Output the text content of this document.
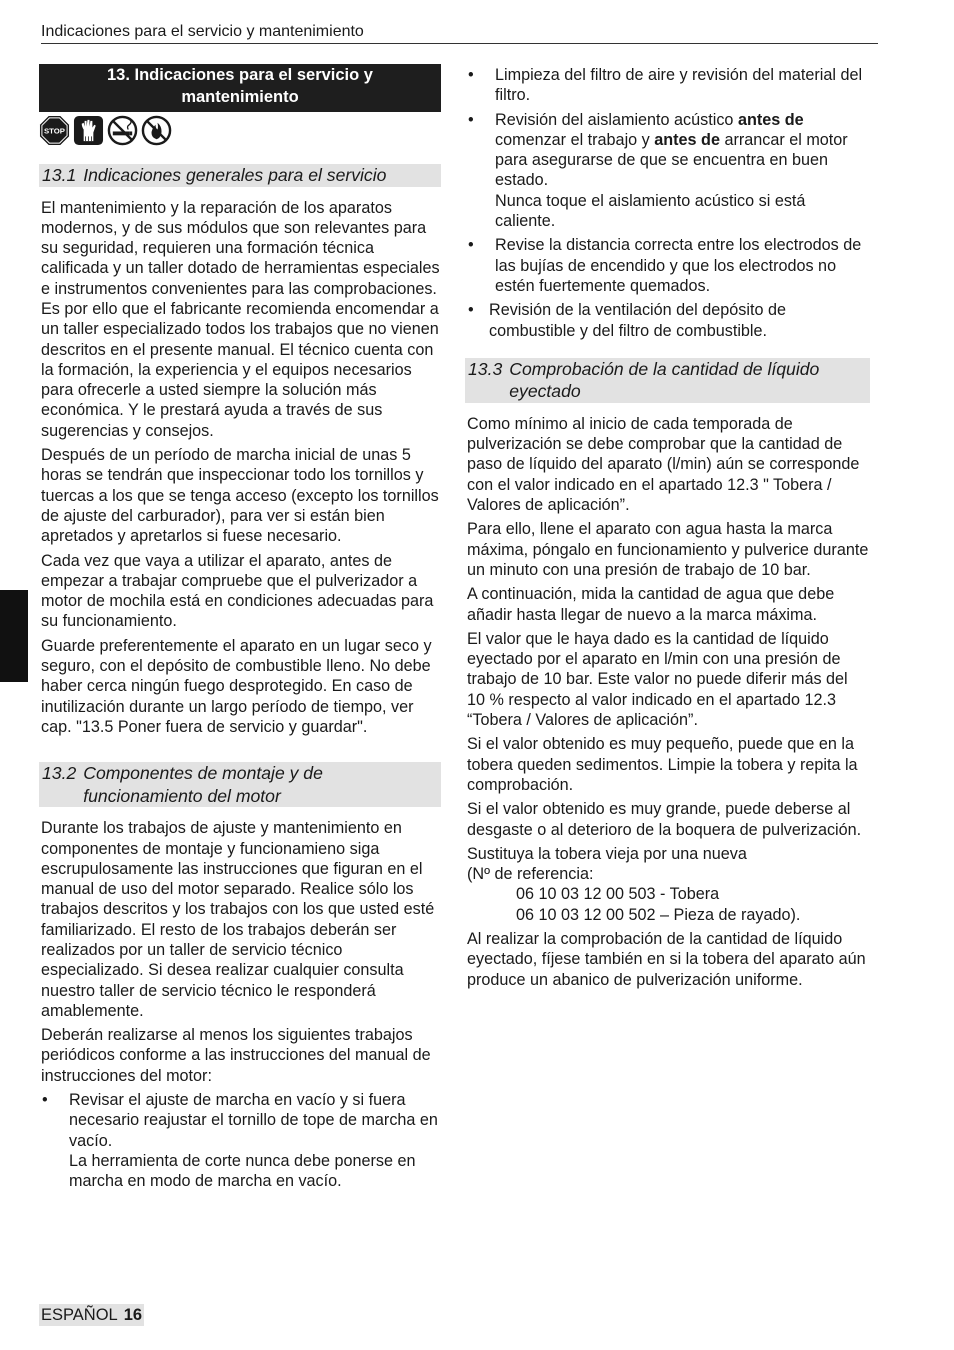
Indicaciones para el servicio y mantenimiento
13. Indicaciones para el servicio y
mantenimiento
STOP
13.1 Indicaciones generales para el servicio

El mantenimiento y la reparación de los aparatos modernos, y de sus módulos que son relevantes para su seguridad, requieren una formación técnica calificada y un taller dotado de herramientas especiales e instrumentos convenientes para las comprobaciones. Es por ello que el fabricante recomienda encomendar a un taller especializado todos los trabajos que no vienen descritos en el presente manual. El técnico cuenta con la formación, la experiencia y el equipos necesarios para ofrecerle a usted siempre la solución más económica. Y le prestará ayuda a través de sus sugerencias y consejos.

Después de un período de marcha inicial de unas 5 horas se tendrán que inspeccionar todo los tornillos y tuercas a los que se tenga acceso (excepto los tornillos de ajuste del carburador), para ver si están bien apretados y apretarlos si fuese necesario.

Cada vez que vaya a utilizar el aparato, antes de empezar a trabajar compruebe que el pulverizador a motor de mochila está en condiciones adecuadas para su funcionamiento.

Guarde preferentemente el aparato en un lugar seco y seguro, con el depósito de combustible lleno. No debe haber cerca ningún fuego desprotegido. En caso de inutilización durante un largo período de tiempo, ver cap. "13.5 Poner fuera de servicio y guardar".

13.2 Componentes de montaje y de funcionamiento del motor

Durante los trabajos de ajuste y mantenimiento en componentes de montaje y funcionamieno siga escrupulosamente las instrucciones que figuran en el manual de uso del motor separado. Realice sólo los trabajos descritos y los trabajos con los que usted esté familiarizado. El resto de los trabajos deberán ser realizados por un taller de servicio técnico especializado. Si desea realizar cualquier consulta nuestro taller de servicio técnico le responderá amablemente.

Deberán realizarse al menos los siguientes trabajos periódicos conforme a las instrucciones del manual de instrucciones del motor:

• Revisar el ajuste de marcha en vacío y si fuera necesario reajustar el tornillo de tope de marcha en vacío.
La herramienta de corte nunca debe ponerse en marcha en modo de marcha en vacío.
• Limpieza del filtro de aire y revisión del material del filtro.
• Revisión del aislamiento acústico antes de comenzar el trabajo y antes de arrancar el motor para asegurarse de que se encuentra en buen estado.
Nunca toque el aislamiento acústico si está caliente.
• Revise la distancia correcta entre los electrodos de las bujías de encendido y que los electrodos no estén fuertemente quemados.
• Revisión de la ventilación del depósito de combustible y del filtro de combustible.
13.3 Comprobación de la cantidad de líquido eyectado

Como mínimo al inicio de cada temporada de pulverización se debe comprobar que la cantidad de paso de líquido del aparato (l/min) aún se corresponde con el valor indicado en el apartado 12.3 " Tobera / Valores de aplicación”.

Para ello, llene el aparato con agua hasta la marca máxima, póngalo en funcionamiento y pulverice durante un minuto con una presión de trabajo de 10 bar.

A continuación, mida la cantidad de agua que debe añadir hasta llegar de nuevo a la marca máxima.

El valor que le haya dado es la cantidad de líquido eyectado por el aparato en l/min con una presión de trabajo de 10 bar. Este valor no puede diferir más del 10 % respecto al valor indicado en el apartado 12.3 “Tobera / Valores de aplicación”.

Si el valor obtenido es muy pequeño, puede que en la tobera queden sedimentos. Limpie la tobera y repita la comprobación.

Si el valor obtenido es muy grande, puede deberse al desgaste o al deterioro de la boquera de pulverización.

Sustituya la tobera vieja por una nueva
(Nº de referencia:
06 10 03 12 00 503 - Tobera
06 10 03 12 00 502 – Pieza de rayado).

Al realizar la comprobación de la cantidad de líquido eyectado, fíjese también en si la tobera del aparato aún produce un abanico de pulverización uniforme.

ESPAÑOL 16
